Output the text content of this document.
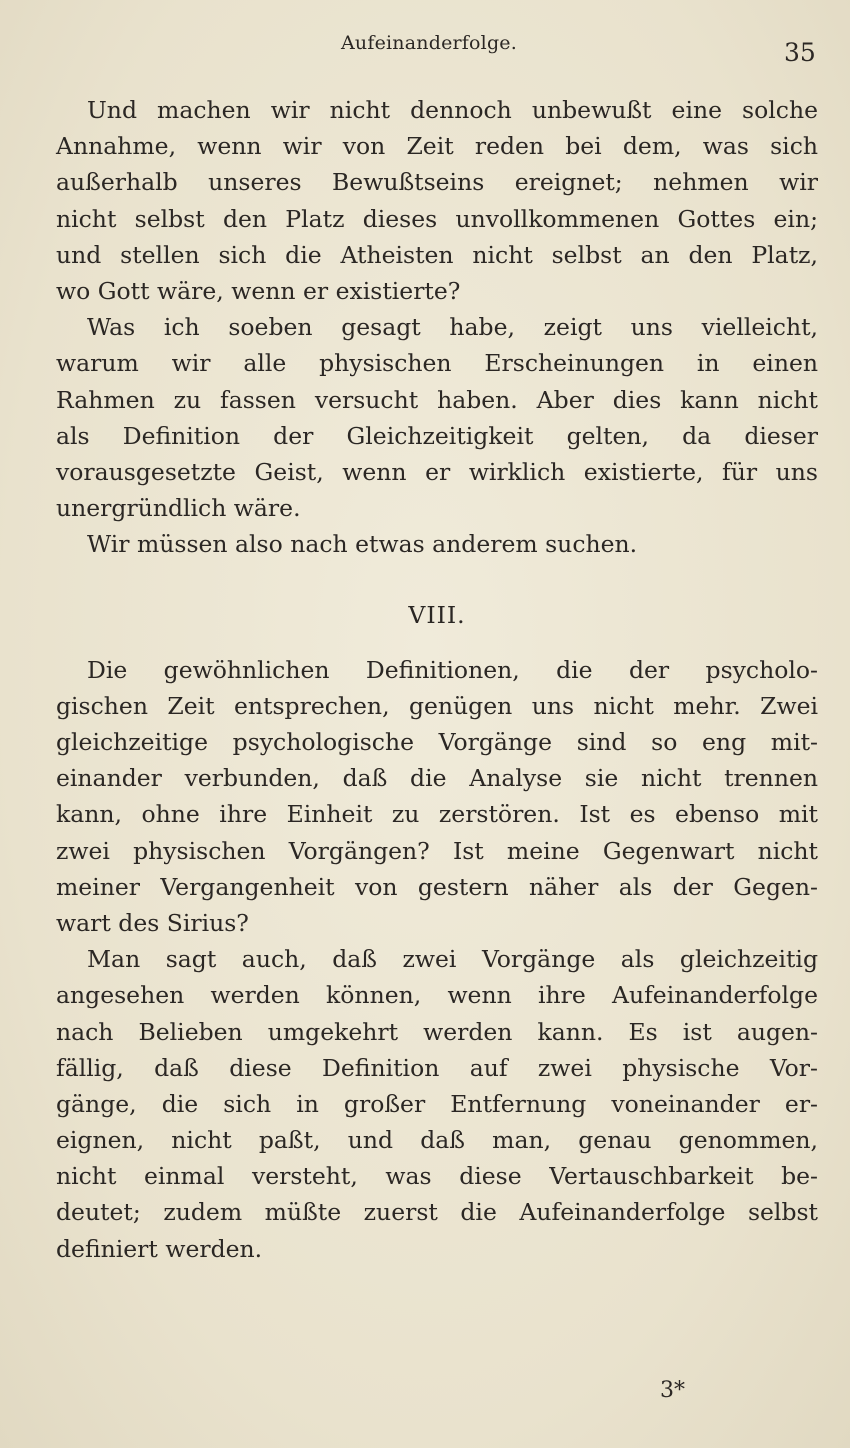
Aufeinanderfolge.	35
Und machen wir nicht dennoch unbewußt eine solche
Annahme, wenn wir von Zeit reden bei dem, was sich
außerhalb unseres Bewußtseins ereignet; nehmen wir
nicht selbst den Platz dieses unvollkommenen Gottes ein;
und stellen sich die Atheisten nicht selbst an den Platz,
wo Gott wäre, wenn er existierte?
Was ich soeben gesagt habe, zeigt uns vielleicht,
warum wir alle physischen Erscheinungen in einen
Rahmen zu fassen versucht haben. Aber dies kann nicht
als Definition der Gleichzeitigkeit gelten, da dieser
vorausgesetzte Geist, wenn er wirklich existierte, für uns
unergründlich wäre.
Wir müssen also nach etwas anderem suchen.
VIII.
Die gewöhnlichen Definitionen, die der psycholo-
gischen Zeit entsprechen, genügen uns nicht mehr. Zwei
gleichzeitige psychologische Vorgänge sind so eng mit-
einander verbunden, daß die Analyse sie nicht trennen
kann, ohne ihre Einheit zu zerstören. Ist es ebenso mit
zwei physischen Vorgängen? Ist meine Gegenwart nicht
meiner Vergangenheit von gestern näher als der Gegen-
wart des Sirius?
Man sagt auch, daß zwei Vorgänge als gleichzeitig
angesehen werden können, wenn ihre Aufeinanderfolge
nach Belieben umgekehrt werden kann. Es ist augen-
fällig, daß diese Definition auf zwei physische Vor-
gänge, die sich in großer Entfernung voneinander er-
eignen, nicht paßt, und daß man, genau genommen,
nicht einmal versteht, was diese Vertauschbarkeit be-
deutet; zudem müßte zuerst die Aufeinanderfolge selbst
definiert werden.
3*
